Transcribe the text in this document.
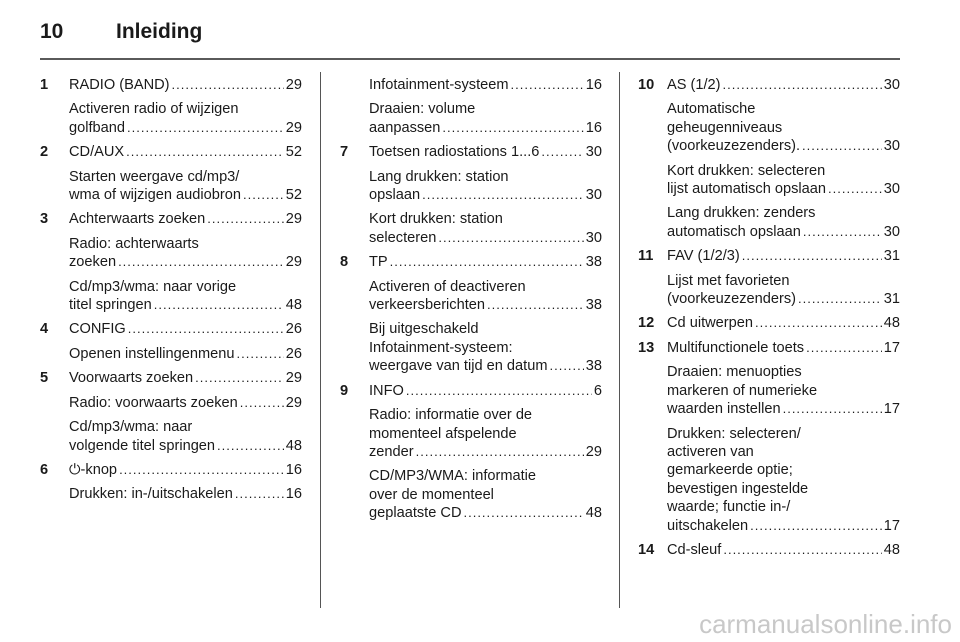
10	Inleiding
1 RADIO (BAND) .....	29
Activeren radio of wijzigen
golfband .....	29
2 CD/AUX .....	52
Starten weergave cd/mp3/
wma of wijzigen audiobron .....	52
3 Achterwaarts zoeken .....	29
Radio: achterwaarts
zoeken .....	29
Cd/mp3/wma: naar vorige
titel springen .....	48
4 CONFIG .....	26
Openen instellingenmenu .....	26
5 Voorwaarts zoeken .....	29
Radio: voorwaarts zoeken .....	29
Cd/mp3/wma: naar
volgende titel springen .....	48
6 ⏻-knop .....	16
Drukken: in-/uitschakelen .....	16
Infotainment-systeem .....	16
Draaien: volume
aanpassen .....	16
7 Toetsen radiostations 1...6 .....	30
Lang drukken: station
opslaan .....	30
Kort drukken: station
selecteren .....	30
8 TP .....	38
Activeren of deactiveren
verkeersberichten .....	38
Bij uitgeschakeld
Infotainment-systeem:
weergave van tijd en datum .....	38
9 INFO .....	6
Radio: informatie over de
momenteel afspelende
zender .....	29
CD/MP3/WMA: informatie
over de momenteel
geplaatste CD .....	48
10 AS (1/2) .....	30
Automatische
geheugenniveaus
(voorkeuzezenders). .....	30
Kort drukken: selecteren
lijst automatisch opslaan .....	30
Lang drukken: zenders
automatisch opslaan .....	30
11 FAV (1/2/3) .....	31
Lijst met favorieten
(voorkeuzezenders) .....	31
12 Cd uitwerpen .....	48
13 Multifunctionele toets .....	17
Draaien: menuopties
markeren of numerieke
waarden instellen .....	17
Drukken: selecteren/
activeren van
gemarkeerde optie;
bevestigen ingestelde
waarde; functie in-/
uitschakelen .....	17
14 Cd-sleuf .....	48
carmanualsonline.info
